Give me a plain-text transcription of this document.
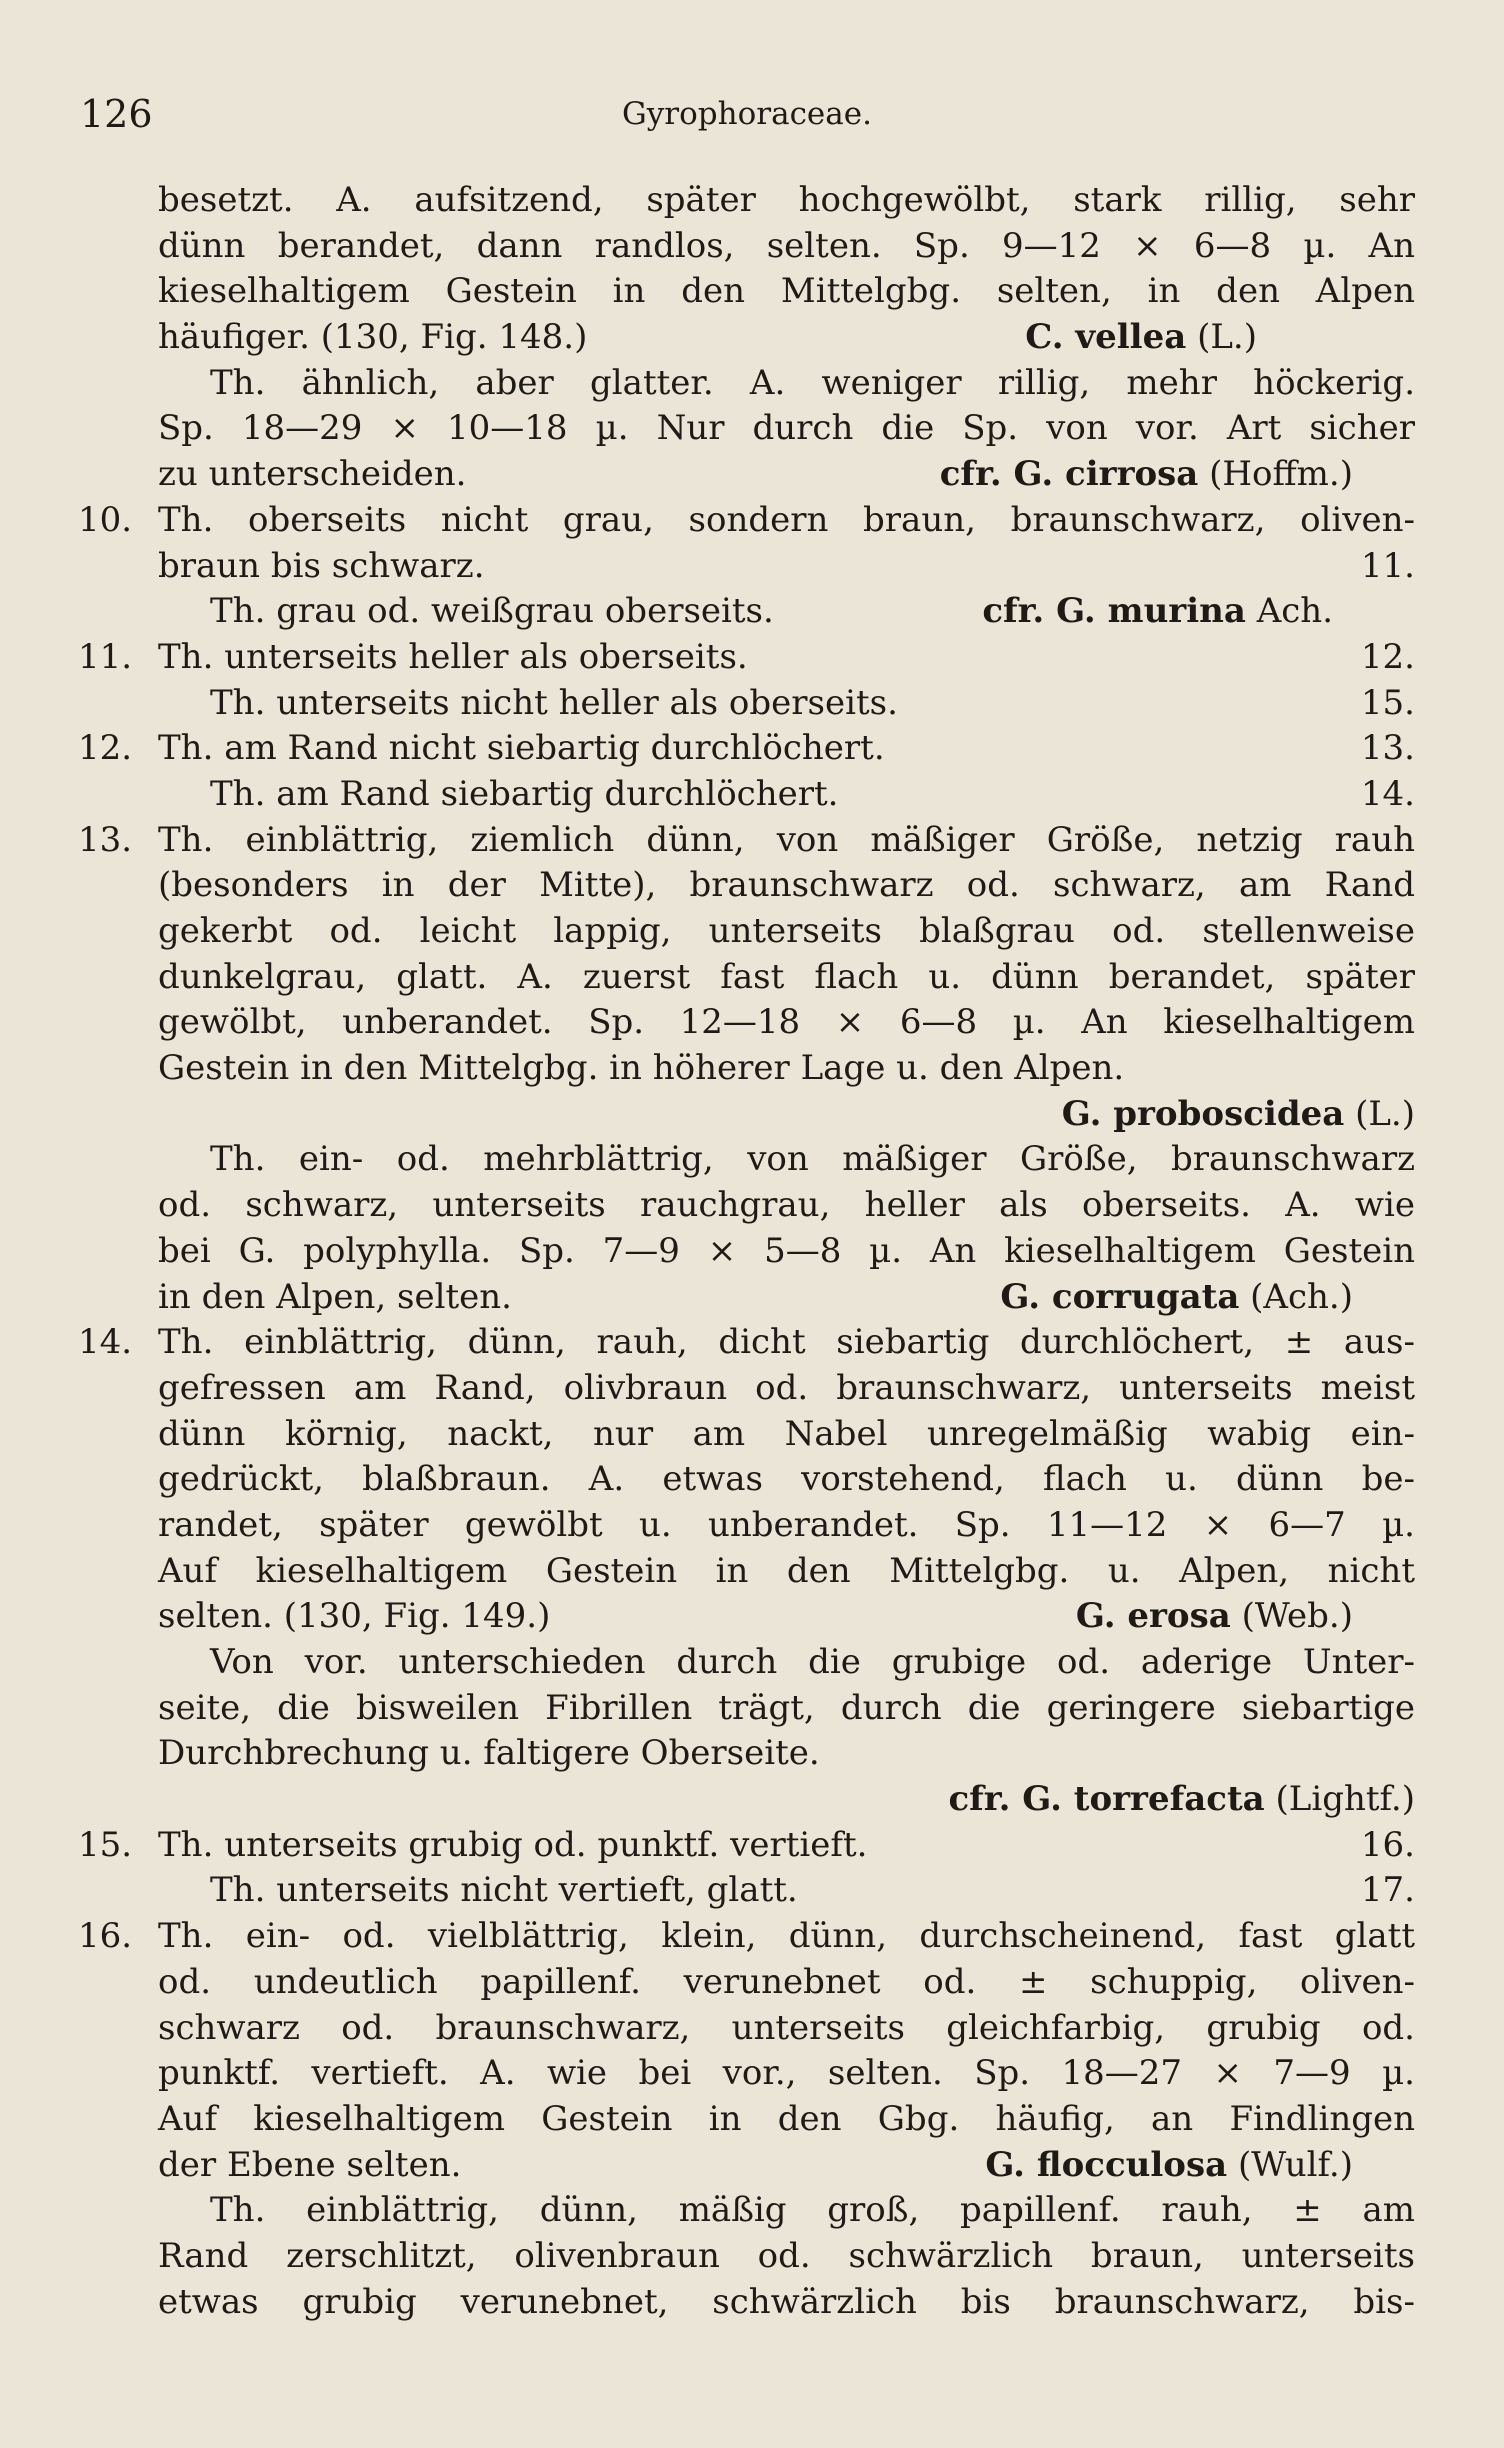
126	Gyrophoraceae.
besetzt. A. aufsitzend, später hochgewölbt, stark rillig, sehr
dünn berandet, dann randlos, selten. Sp. 9—12 × 6—8 µ. An
kieselhaltigem Gestein in den Mittelgbg. selten, in den Alpen
häufiger. (130, Fig. 148.)	C. vellea (L.)
Th. ähnlich, aber glatter. A. weniger rillig, mehr höckerig.
Sp. 18—29 × 10—18 µ. Nur durch die Sp. von vor. Art sicher
zu unterscheiden.	cfr. G. cirrosa (Hoffm.)
10. Th. oberseits nicht grau, sondern braun, braunschwarz, oliven-
braun bis schwarz.	11.
Th. grau od. weißgrau oberseits.	cfr. G. murina Ach.
11. Th. unterseits heller als oberseits.	12.
Th. unterseits nicht heller als oberseits.	15.
12. Th. am Rand nicht siebartig durchlöchert.	13.
Th. am Rand siebartig durchlöchert.	14.
13. Th. einblättrig, ziemlich dünn, von mäßiger Größe, netzig rauh
(besonders in der Mitte), braunschwarz od. schwarz, am Rand
gekerbt od. leicht lappig, unterseits blaßgrau od. stellenweise
dunkelgrau, glatt. A. zuerst fast flach u. dünn berandet, später
gewölbt, unberandet. Sp. 12—18 × 6—8 µ. An kieselhaltigem
Gestein in den Mittelgbg. in höherer Lage u. den Alpen.
G. proboscidea (L.)
Th. ein- od. mehrblättrig, von mäßiger Größe, braunschwarz
od. schwarz, unterseits rauchgrau, heller als oberseits. A. wie
bei G. polyphylla. Sp. 7—9 × 5—8 µ. An kieselhaltigem Gestein
in den Alpen, selten.	G. corrugata (Ach.)
14. Th. einblättrig, dünn, rauh, dicht siebartig durchlöchert, ± aus-
gefressen am Rand, olivbraun od. braunschwarz, unterseits meist
dünn körnig, nackt, nur am Nabel unregelmäßig wabig ein-
gedrückt, blaßbraun. A. etwas vorstehend, flach u. dünn be-
randet, später gewölbt u. unberandet. Sp. 11—12 × 6—7 µ.
Auf kieselhaltigem Gestein in den Mittelgbg. u. Alpen, nicht
selten. (130, Fig. 149.)	G. erosa (Web.)
Von vor. unterschieden durch die grubige od. aderige Unter-
seite, die bisweilen Fibrillen trägt, durch die geringere siebartige
Durchbrechung u. faltigere Oberseite.
cfr. G. torrefacta (Lightf.)
15. Th. unterseits grubig od. punktf. vertieft.	16.
Th. unterseits nicht vertieft, glatt.	17.
16. Th. ein- od. vielblättrig, klein, dünn, durchscheinend, fast glatt
od. undeutlich papillenf. verunebnet od. ± schuppig, oliven-
schwarz od. braunschwarz, unterseits gleichfarbig, grubig od.
punktf. vertieft. A. wie bei vor., selten. Sp. 18—27 × 7—9 µ.
Auf kieselhaltigem Gestein in den Gbg. häufig, an Findlingen
der Ebene selten.	G. flocculosa (Wulf.)
Th. einblättrig, dünn, mäßig groß, papillenf. rauh, ± am
Rand zerschlitzt, olivenbraun od. schwärzlich braun, unterseits
etwas grubig verunebnet, schwärzlich bis braunschwarz, bis-
